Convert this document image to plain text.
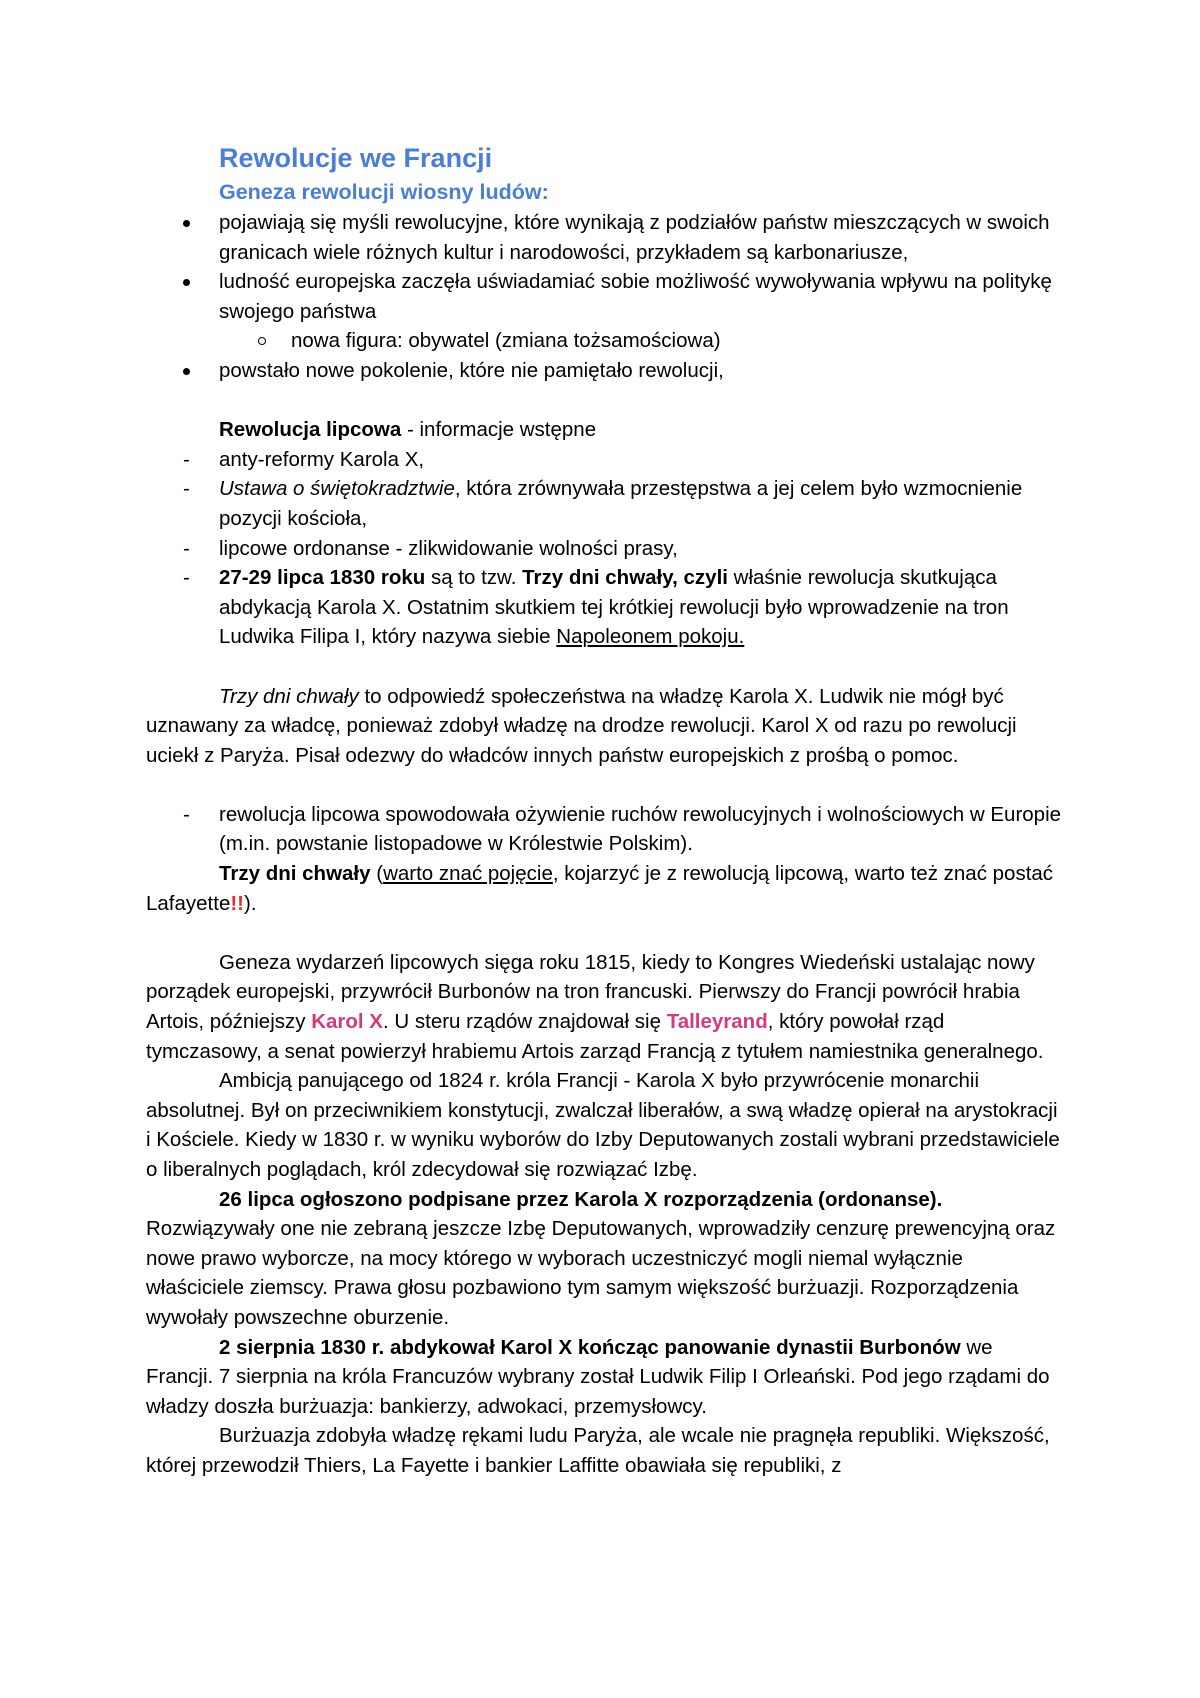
Rewolucje we Francji
Geneza rewolucji wiosny ludów:
pojawiają się myśli rewolucyjne, które wynikają z podziałów państw mieszczących w swoich granicach wiele różnych kultur i narodowości, przykładem są karbonariusze,
ludność europejska zaczęła uświadamiać sobie możliwość wywoływania wpływu na politykę swojego państwa
nowa figura: obywatel (zmiana tożsamościowa)
powstało nowe pokolenie, które nie pamiętało rewolucji,

Rewolucja lipcowa - informacje wstępne

- anty-reformy Karola X,
- Ustawa o świętokradztwie, która zrównywała przestępstwa a jej celem było wzmocnienie pozycji kościoła,
- lipcowe ordonanse - zlikwidowanie wolności prasy,
- 27-29 lipca 1830 roku są to tzw. Trzy dni chwały, czyli właśnie rewolucja skutkująca abdykacją Karola X. Ostatnim skutkiem tej krótkiej rewolucji było wprowadzenie na tron Ludwika Filipa I, który nazywa siebie Napoleonem pokoju.

Trzy dni chwały to odpowiedź społeczeństwa na władzę Karola X. Ludwik nie mógł być uznawany za władcę, ponieważ zdobył władzę na drodze rewolucji. Karol X od razu po rewolucji uciekł z Paryża. Pisał odezwy do władców innych państw europejskich z prośbą o pomoc.

- rewolucja lipcowa spowodowała ożywienie ruchów rewolucyjnych i wolnościowych w Europie (m.in. powstanie listopadowe w Królestwie Polskim).

Trzy dni chwały (warto znać pojęcie, kojarzyć je z rewolucją lipcową, warto też znać postać Lafayette!!).

Geneza wydarzeń lipcowych sięga roku 1815, kiedy to Kongres Wiedeński ustalając nowy porządek europejski, przywrócił Burbonów na tron francuski. Pierwszy do Francji powrócił hrabia Artois, późniejszy Karol X. U steru rządów znajdował się Talleyrand, który powołał rząd tymczasowy, a senat powierzył hrabiemu Artois zarząd Francją z tytułem namiestnika generalnego.

Ambicją panującego od 1824 r. króla Francji - Karola X było przywrócenie monarchii absolutnej. Był on przeciwnikiem konstytucji, zwalczał liberałów, a swą władzę opierał na arystokracji i Kościele. Kiedy w 1830 r. w wyniku wyborów do Izby Deputowanych zostali wybrani przedstawiciele o liberalnych poglądach, król zdecydował się rozwiązać Izbę.

26 lipca ogłoszono podpisane przez Karola X rozporządzenia (ordonanse). Rozwiązywały one nie zebraną jeszcze Izbę Deputowanych, wprowadziły cenzurę prewencyjną oraz nowe prawo wyborcze, na mocy którego w wyborach uczestniczyć mogli niemal wyłącznie właściciele ziemscy. Prawa głosu pozbawiono tym samym większość burżuazji. Rozporządzenia wywołały powszechne oburzenie.

2 sierpnia 1830 r. abdykował Karol X kończąc panowanie dynastii Burbonów we Francji. 7 sierpnia na króla Francuzów wybrany został Ludwik Filip I Orleański. Pod jego rządami do władzy doszła burżuazja: bankierzy, adwokaci, przemysłowcy.

Burżuazja zdobyła władzę rękami ludu Paryża, ale wcale nie pragnęła republiki. Większość, której przewodził Thiers, La Fayette i bankier Laffitte obawiała się republiki, z
